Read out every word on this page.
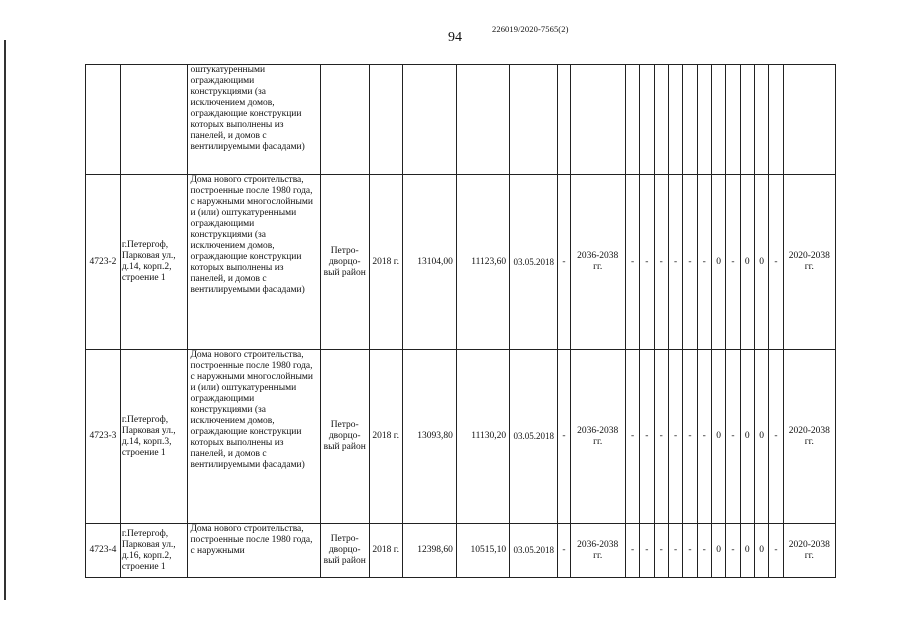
94
226019/2020-7565(2)
		оштукатуренными ограждающими конструкциями (за исключением домов, ограждающие конструкции которых выполнены из панелей, и домов с вентилируемыми фасадами)																			
4723-2	г.Петергоф, Парковая ул., д.14, корп.2, строение 1	Дома нового строительства, построенные после 1980 года, с наружными многослойными и (или) оштукатуренными ограждающими конструкциями (за исключением домов, ограждающие конструкции которых выполнены из панелей, и домов с вентилируемыми фасадами)	Петро-дворцо-вый район	2018 г.	13104,00	11123,60	03.05.2018	-	2036-2038 гг.	-	-	-	-	-	-	0	-	0	0	-	2020-2038 гг.
4723-3	г.Петергоф, Парковая ул., д.14, корп.3, строение 1	Дома нового строительства, построенные после 1980 года, с наружными многослойными и (или) оштукатуренными ограждающими конструкциями (за исключением домов, ограждающие конструкции которых выполнены из панелей, и домов с вентилируемыми фасадами)	Петро-дворцо-вый район	2018 г.	13093,80	11130,20	03.05.2018	-	2036-2038 гг.	-	-	-	-	-	-	0	-	0	0	-	2020-2038 гг.
4723-4	г.Петергоф, Парковая ул., д.16, корп.2, строение 1	Дома нового строительства, построенные после 1980 года, с наружными	Петро-дворцо-вый район	2018 г.	12398,60	10515,10	03.05.2018	-	2036-2038 гг.	-	-	-	-	-	-	0	-	0	0	-	2020-2038 гг.
